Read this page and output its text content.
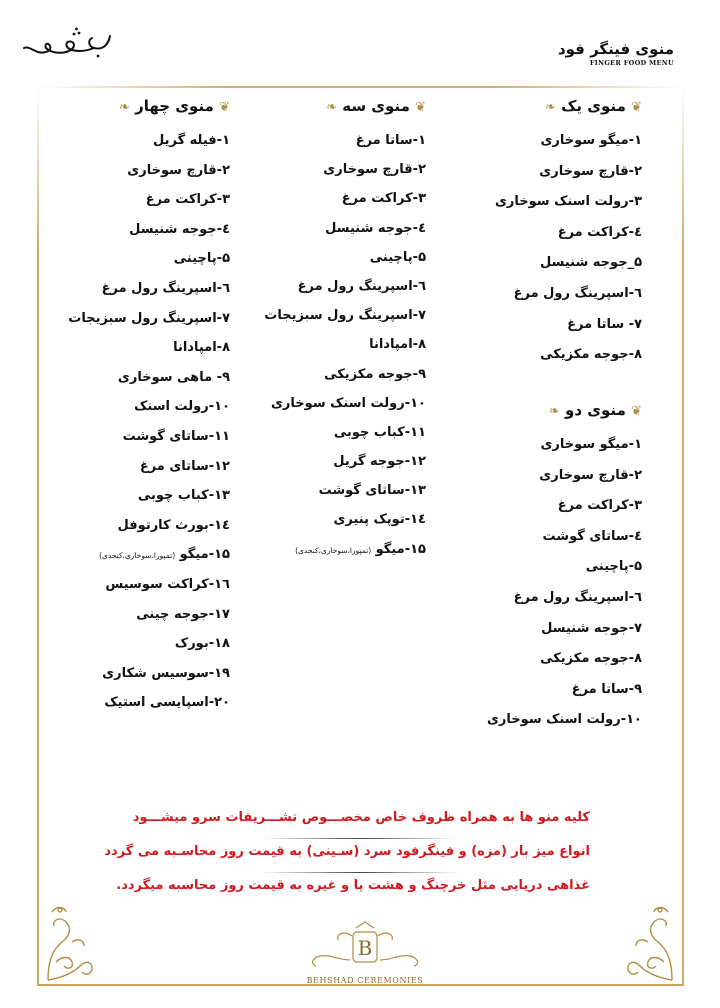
منوی فینگر فود
FINGER FOOD MENU
❦ منوی یک ❧
۱-میگو سوخاری
۲-قارچ سوخاری
۳-رولت اسنک سوخاری
٤-کراکت مرغ
۵_جوجه شنیسل
٦-اسپرینگ رول مرغ
۷- ساتا مرغ
۸-جوجه مکزیکی
❦ منوی دو ❧
۱-میگو سوخاری
۲-قارچ سوخاری
۳-کراکت مرغ
٤-ساتای گوشت
۵-پاچینی
٦-اسپرینگ رول مرغ
۷-جوجه شنیسل
۸-جوجه مکزیکی
۹-ساتا مرغ
۱۰-رولت اسنک سوخاری
❦ منوی سه ❧
۱-ساتا مرغ
۲-قارچ سوخاری
۳-کراکت مرغ
٤-جوجه شنیسل
۵-پاچینی
٦-اسپرینگ رول مرغ
۷-اسپرینگ رول سبزیجات
۸-امپادانا
۹-جوجه مکزیکی
۱۰-رولت اسنک سوخاری
۱۱-کباب چوبی
۱۲-جوجه گریل
۱۳-ساتای گوشت
۱٤-توپک پنیری
۱۵-میگو (تمپورا،سوخاری،کنجدی)
❦ منوی چهار ❧
۱-فیله گریل
۲-قارچ سوخاری
۳-کراکت مرغ
٤-جوجه شنیسل
۵-پاچینی
٦-اسپرینگ رول مرغ
۷-اسپرینگ رول سبزیجات
۸-امپادانا
۹- ماهی سوخاری
۱۰-رولت اسنک
۱۱-ساتای گوشت
۱۲-ساتای مرغ
۱۳-کباب چوبی
۱٤-بورث کارتوفل
۱۵-میگو (تمپورا،سوخاری،کنجدی)
۱٦-کراکت سوسیس
۱۷-جوجه چینی
۱۸-بورک
۱۹-سوسیس شکاری
۲۰-اسپایسی استیک
کلیه منو ها به همراه ظروف خاص مخصـــوص تشـــریفات سرو میشـــود
انواع میز بار (مزه) و فینگرفود سرد (سـینی) به قیمت روز محاسـبه می گردد
غذاهی دریایی مثل خرچنگ و هشت پا و غیره به قیمت روز محاسبه میگردد.
B
BEHSHAD CEREMONIES
